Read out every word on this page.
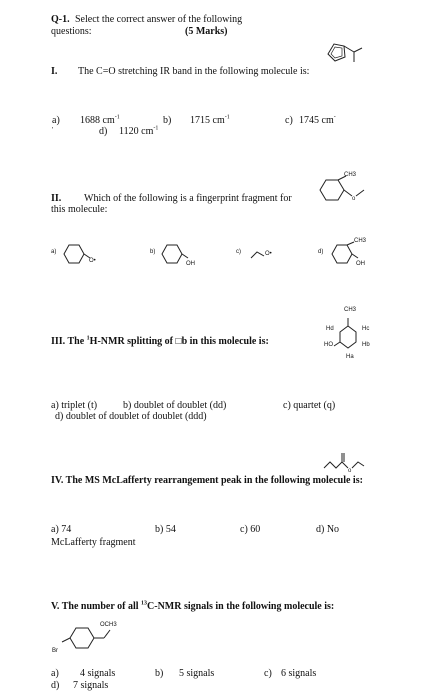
Q-1. Select the correct answer of the following
questions:	(5 Marks)
I. The C=O stretching IR band in the following molecule is:
a)
'
1688 $cm^{-1}$	b) 1715 $cm^{-1}$	c) 1745 cm-
d) 1120 $cm^{-1}$
o
CH3
II. Which of the following is a fingerprint fragment for
this molecule:
a)
O•
b)
OH
c)	O•	d)
CH3
OH
CH3
Hd	Hc
HO	Hb
Ha
III. The $^1$H-NMR splitting of □b in this molecule is:
a) triplet (t)	b) doublet of doublet (dd)	c) quartet (q)
d) doublet of doublet of doublet (ddd)
o
IV. The MS McLafferty rearrangement peak in the following molecule is:
a) 74	b) 54	c) 60	d) No
McLafferty fragment
V. The number of all $^{13}$C-NMR signals in the following molecule is:
OCH3
Br
a) 4 signals	b) 5 signals	c) 6 signals
d) 7 signals
